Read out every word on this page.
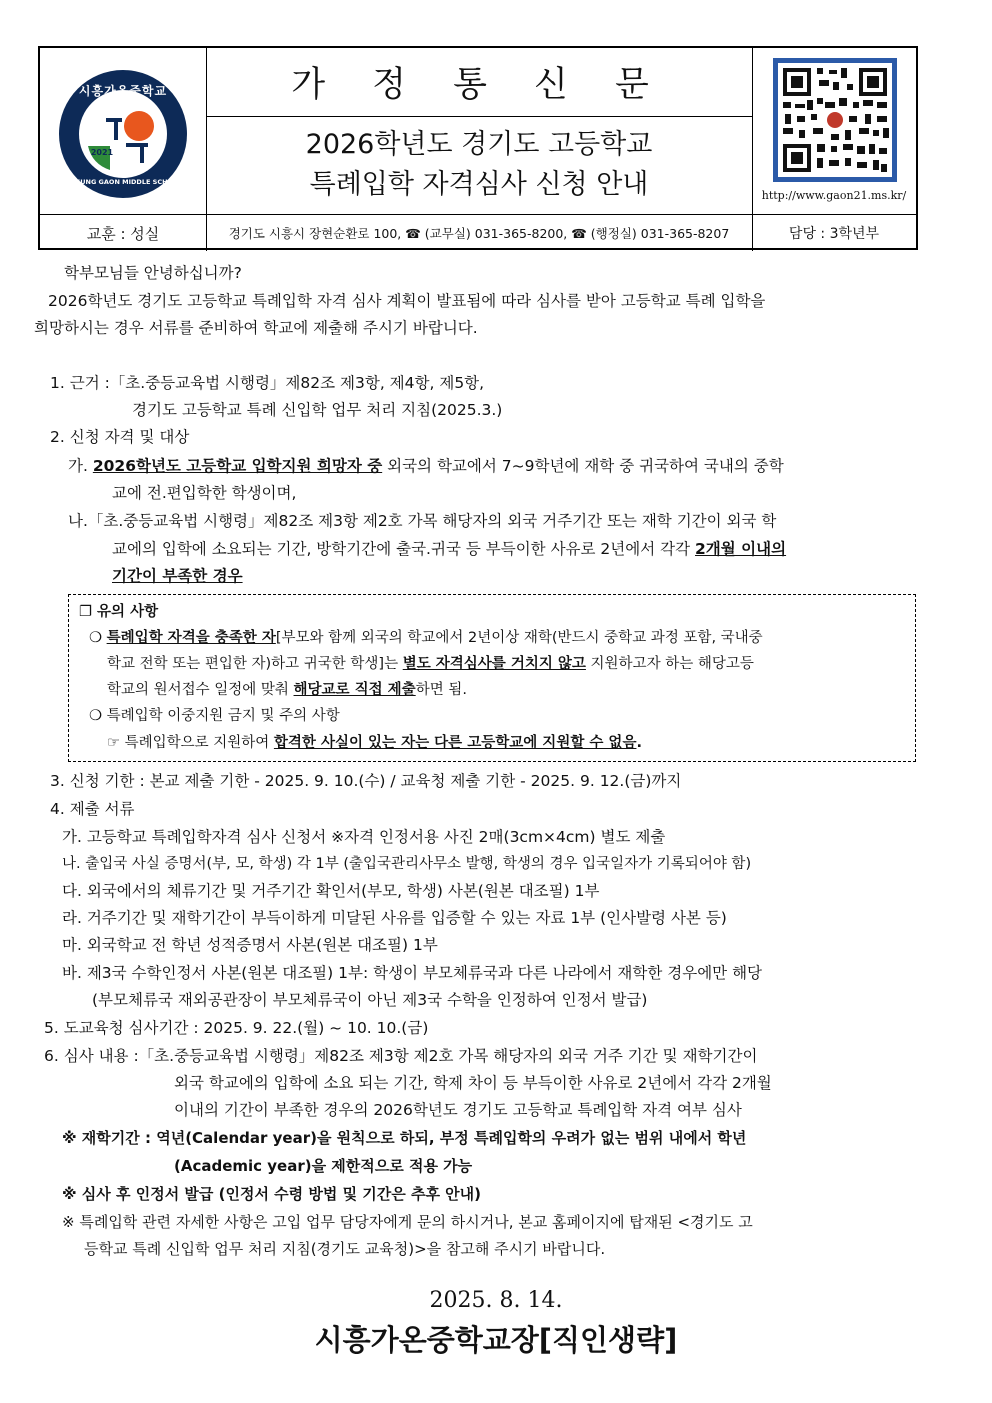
시흥가온중학교
2021
SIHEUNG GAON MIDDLE SCHOOL
가 정 통 신 문
2026학년도 경기도 고등학교
특례입학 자격심사 신청 안내	http://www.gaon21.ms.kr/
교훈 : 성실	경기도 시흥시 장현순환로 100, ☎ (교무실) 031-365-8200, ☎ (행정실) 031-365-8207	담당 : 3학년부
학부모님들 안녕하십니까?
2026학년도 경기도 고등학교 특례입학 자격 심사 계획이 발표됨에 따라 심사를 받아 고등학교 특례 입학을
희망하시는 경우 서류를 준비하여 학교에 제출해 주시기 바랍니다.
1. 근거 :「초.중등교육법 시행령」제82조 제3항, 제4항, 제5항,
경기도 고등학교 특례 신입학 업무 처리 지침(2025.3.)
2. 신청 자격 및 대상
가. 2026학년도 고등학교 입학지원 희망자 중 외국의 학교에서 7~9학년에 재학 중 귀국하여 국내의 중학
교에 전.편입학한 학생이며,
나.「초.중등교육법 시행령」제82조 제3항 제2호 가목 해당자의 외국 거주기간 또는 재학 기간이 외국 학
교에의 입학에 소요되는 기간, 방학기간에 출국.귀국 등 부득이한 사유로 2년에서 각각 2개월 이내의
기간이 부족한 경우
❐ 유의 사항
❍ 특례입학 자격을 충족한 자[부모와 함께 외국의 학교에서 2년이상 재학(반드시 중학교 과정 포함, 국내중
학교 전학 또는 편입한 자)하고 귀국한 학생]는 별도 자격심사를 거치지 않고 지원하고자 하는 해당고등
학교의 원서접수 일정에 맞춰 해당교로 직접 제출하면 됨.
❍ 특례입학 이중지원 금지 및 주의 사항
☞ 특례입학으로 지원하여 합격한 사실이 있는 자는 다른 고등학교에 지원할 수 없음.
3. 신청 기한 : 본교 제출 기한 - 2025. 9. 10.(수) / 교육청 제출 기한 - 2025. 9. 12.(금)까지
4. 제출 서류
가. 고등학교 특례입학자격 심사 신청서 ※자격 인정서용 사진 2매(3cm×4cm) 별도 제출
나. 출입국 사실 증명서(부, 모, 학생) 각 1부 (출입국관리사무소 발행, 학생의 경우 입국일자가 기록되어야 함)
다. 외국에서의 체류기간 및 거주기간 확인서(부모, 학생) 사본(원본 대조필) 1부
라. 거주기간 및 재학기간이 부득이하게 미달된 사유를 입증할 수 있는 자료 1부 (인사발령 사본 등)
마. 외국학교 전 학년 성적증명서 사본(원본 대조필) 1부
바. 제3국 수학인정서 사본(원본 대조필) 1부: 학생이 부모체류국과 다른 나라에서 재학한 경우에만 해당
(부모체류국 재외공관장이 부모체류국이 아닌 제3국 수학을 인정하여 인정서 발급)
5. 도교육청 심사기간 : 2025. 9. 22.(월) ~ 10. 10.(금)
6. 심사 내용 :「초.중등교육법 시행령」제82조 제3항 제2호 가목 해당자의 외국 거주 기간 및 재학기간이
외국 학교에의 입학에 소요 되는 기간, 학제 차이 등 부득이한 사유로 2년에서 각각 2개월
이내의 기간이 부족한 경우의 2026학년도 경기도 고등학교 특례입학 자격 여부 심사
※ 재학기간 : 역년(Calendar year)을 원칙으로 하되, 부정 특례입학의 우려가 없는 범위 내에서 학년
(Academic year)을 제한적으로 적용 가능
※ 심사 후 인정서 발급 (인정서 수령 방법 및 기간은 추후 안내)
※ 특례입학 관련 자세한 사항은 고입 업무 담당자에게 문의 하시거나, 본교 홈페이지에 탑재된 <경기도 고
등학교 특례 신입학 업무 처리 지침(경기도 교육청)>을 참고해 주시기 바랍니다.
2025. 8. 14.
시흥가온중학교장[직인생략]
